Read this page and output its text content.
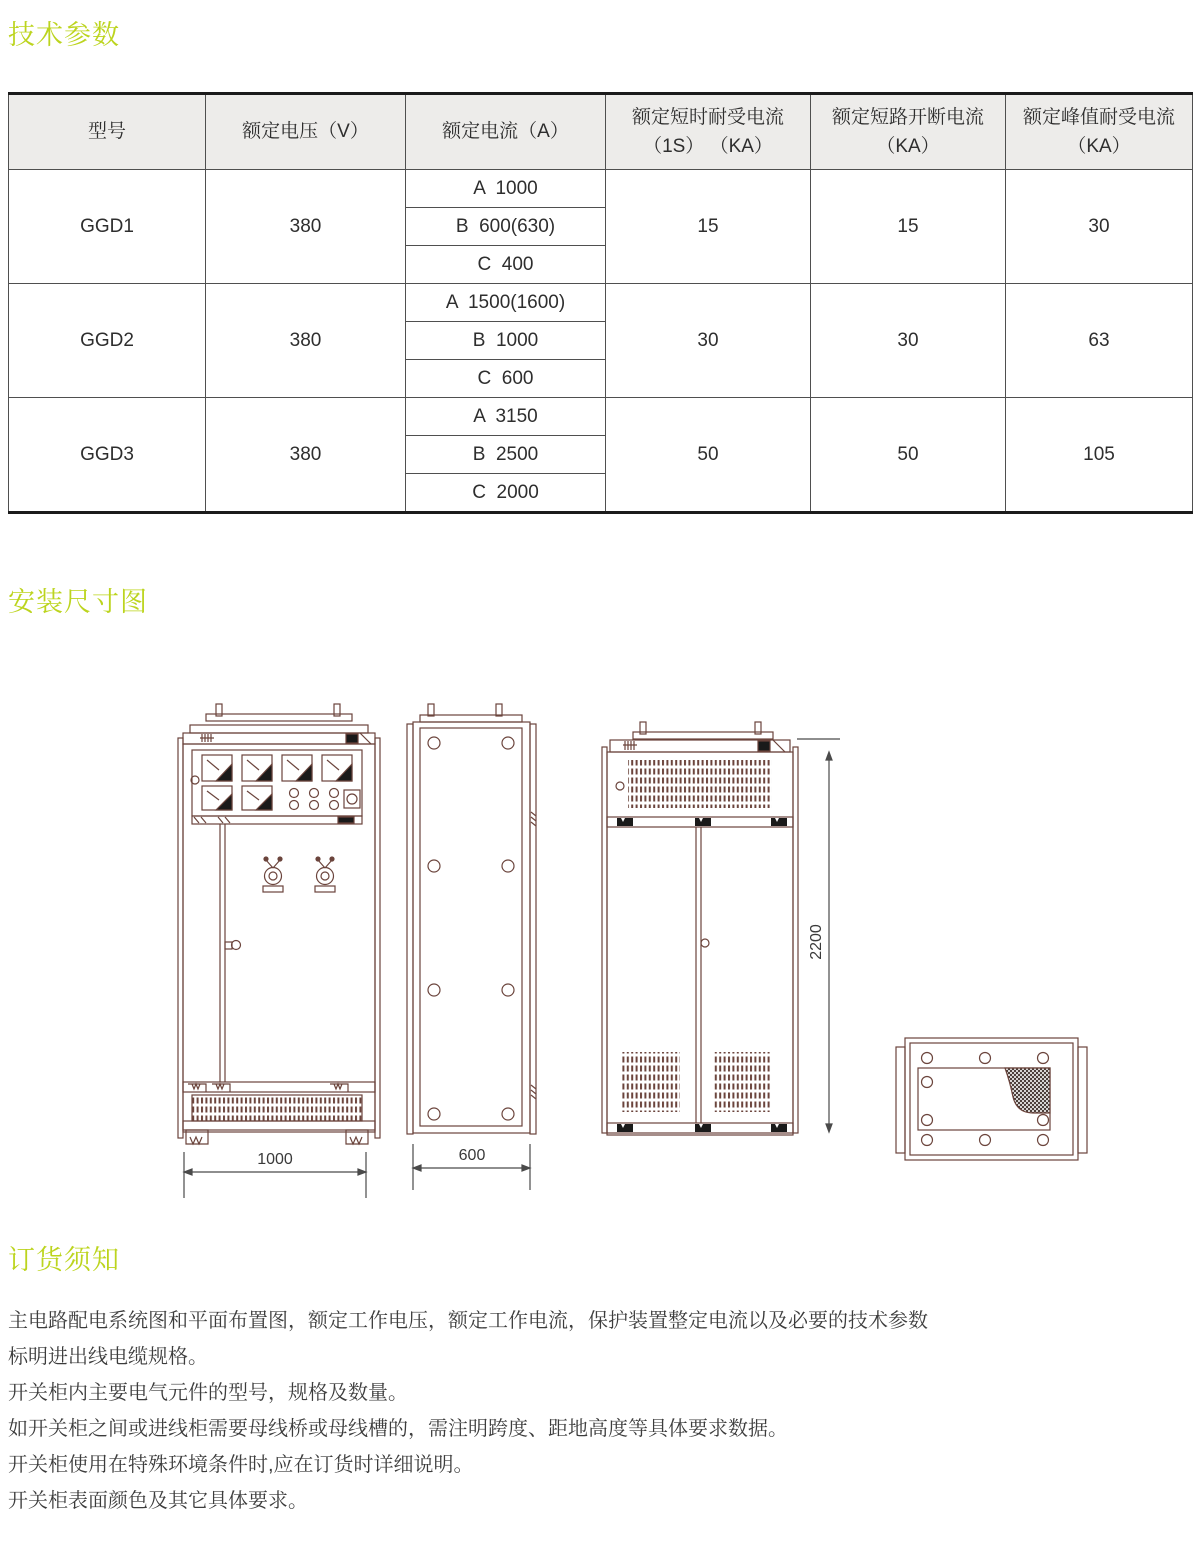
技术参数
型号	额定电压（V）	额定电流（A）	额定短时耐受电流（1S） （KA）	额定短路开断电流（KA）	额定峰值耐受电流（KA）
GGD1	380	A  1000	15	15	30
		B  600(630)			
		C  400			
GGD2	380	A  1500(1600)	30	30	63
		B  1000			
		C  600			
GGD3	380	A  3150	50	50	105
		B  2500			
		C  2000			
安装尺寸图
1000	600
2200
订货须知
主电路配电系统图和平面布置图，额定工作电压，额定工作电流，保护装置整定电流以及必要的技术参数
标明进出线电缆规格。
开关柜内主要电气元件的型号，规格及数量。
如开关柜之间或进线柜需要母线桥或母线槽的，需注明跨度、距地高度等具体要求数据。
开关柜使用在特殊环境条件时,应在订货时详细说明。
开关柜表面颜色及其它具体要求。
